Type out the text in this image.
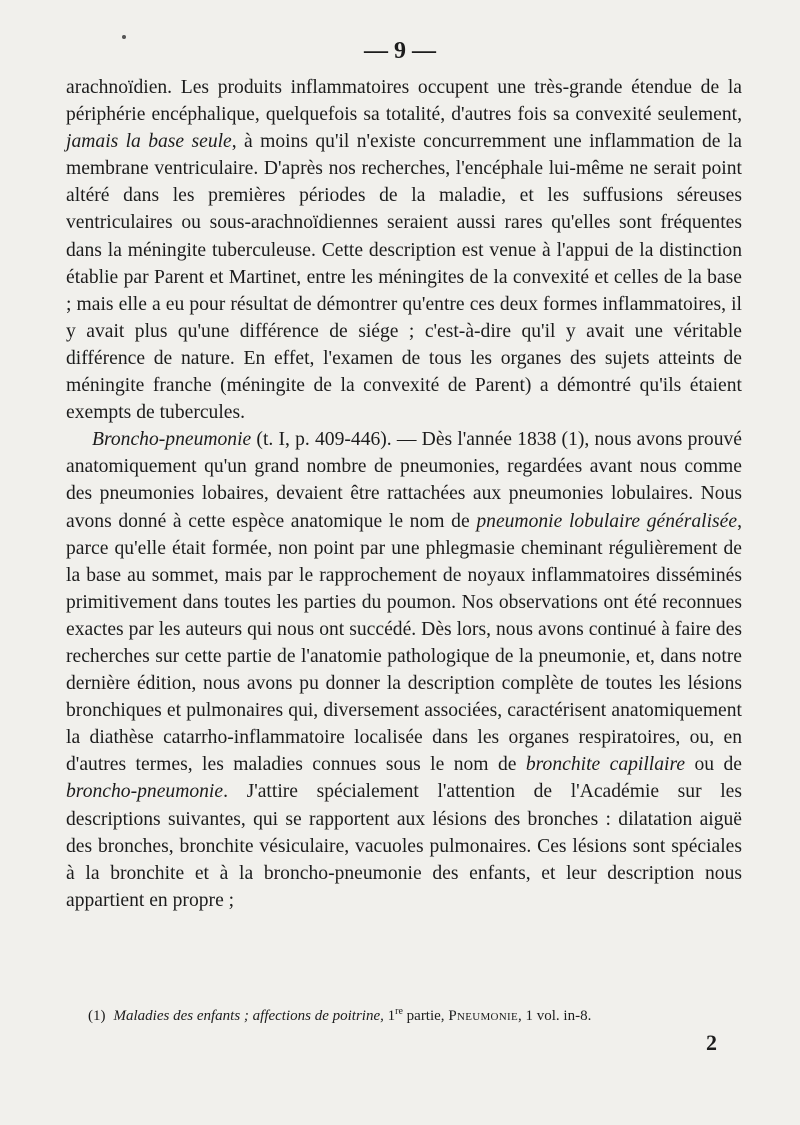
— 9 —

arachnoïdien. Les produits inflammatoires occupent une très-grande étendue de la périphérie encéphalique, quelquefois sa totalité, d'autres fois sa convexité seulement, jamais la base seule, à moins qu'il n'existe concurremment une inflammation de la membrane ventriculaire. D'après nos recherches, l'encéphale lui-même ne serait point altéré dans les premières périodes de la maladie, et les suffusions séreuses ventriculaires ou sous-arachnoïdiennes seraient aussi rares qu'elles sont fréquentes dans la méningite tuberculeuse. Cette description est venue à l'appui de la distinction établie par Parent et Martinet, entre les méningites de la convexité et celles de la base ; mais elle a eu pour résultat de démontrer qu'entre ces deux formes inflammatoires, il y avait plus qu'une différence de siége ; c'est-à-dire qu'il y avait une véritable différence de nature. En effet, l'examen de tous les organes des sujets atteints de méningite franche (méningite de la convexité de Parent) a démontré qu'ils étaient exempts de tubercules.

Broncho-pneumonie (t. I, p. 409-446). — Dès l'année 1838 (1), nous avons prouvé anatomiquement qu'un grand nombre de pneumonies, regardées avant nous comme des pneumonies lobaires, devaient être rattachées aux pneumonies lobulaires. Nous avons donné à cette espèce anatomique le nom de pneumonie lobulaire généralisée, parce qu'elle était formée, non point par une phlegmasie cheminant régulièrement de la base au sommet, mais par le rapprochement de noyaux inflammatoires disséminés primitivement dans toutes les parties du poumon. Nos observations ont été reconnues exactes par les auteurs qui nous ont succédé. Dès lors, nous avons continué à faire des recherches sur cette partie de l'anatomie pathologique de la pneumonie, et, dans notre dernière édition, nous avons pu donner la description complète de toutes les lésions bronchiques et pulmonaires qui, diversement associées, caractérisent anatomiquement la diathèse catarrho-inflammatoire localisée dans les organes respiratoires, ou, en d'autres termes, les maladies connues sous le nom de bronchite capillaire ou de broncho-pneumonie. J'attire spécialement l'attention de l'Académie sur les descriptions suivantes, qui se rapportent aux lésions des bronches : dilatation aiguë des bronches, bronchite vésiculaire, vacuoles pulmonaires. Ces lésions sont spéciales à la bronchite et à la broncho-pneumonie des enfants, et leur description nous appartient en propre ;

(1) Maladies des enfants ; affections de poitrine, 1re partie, Pneumonie, 1 vol. in-8.
2
